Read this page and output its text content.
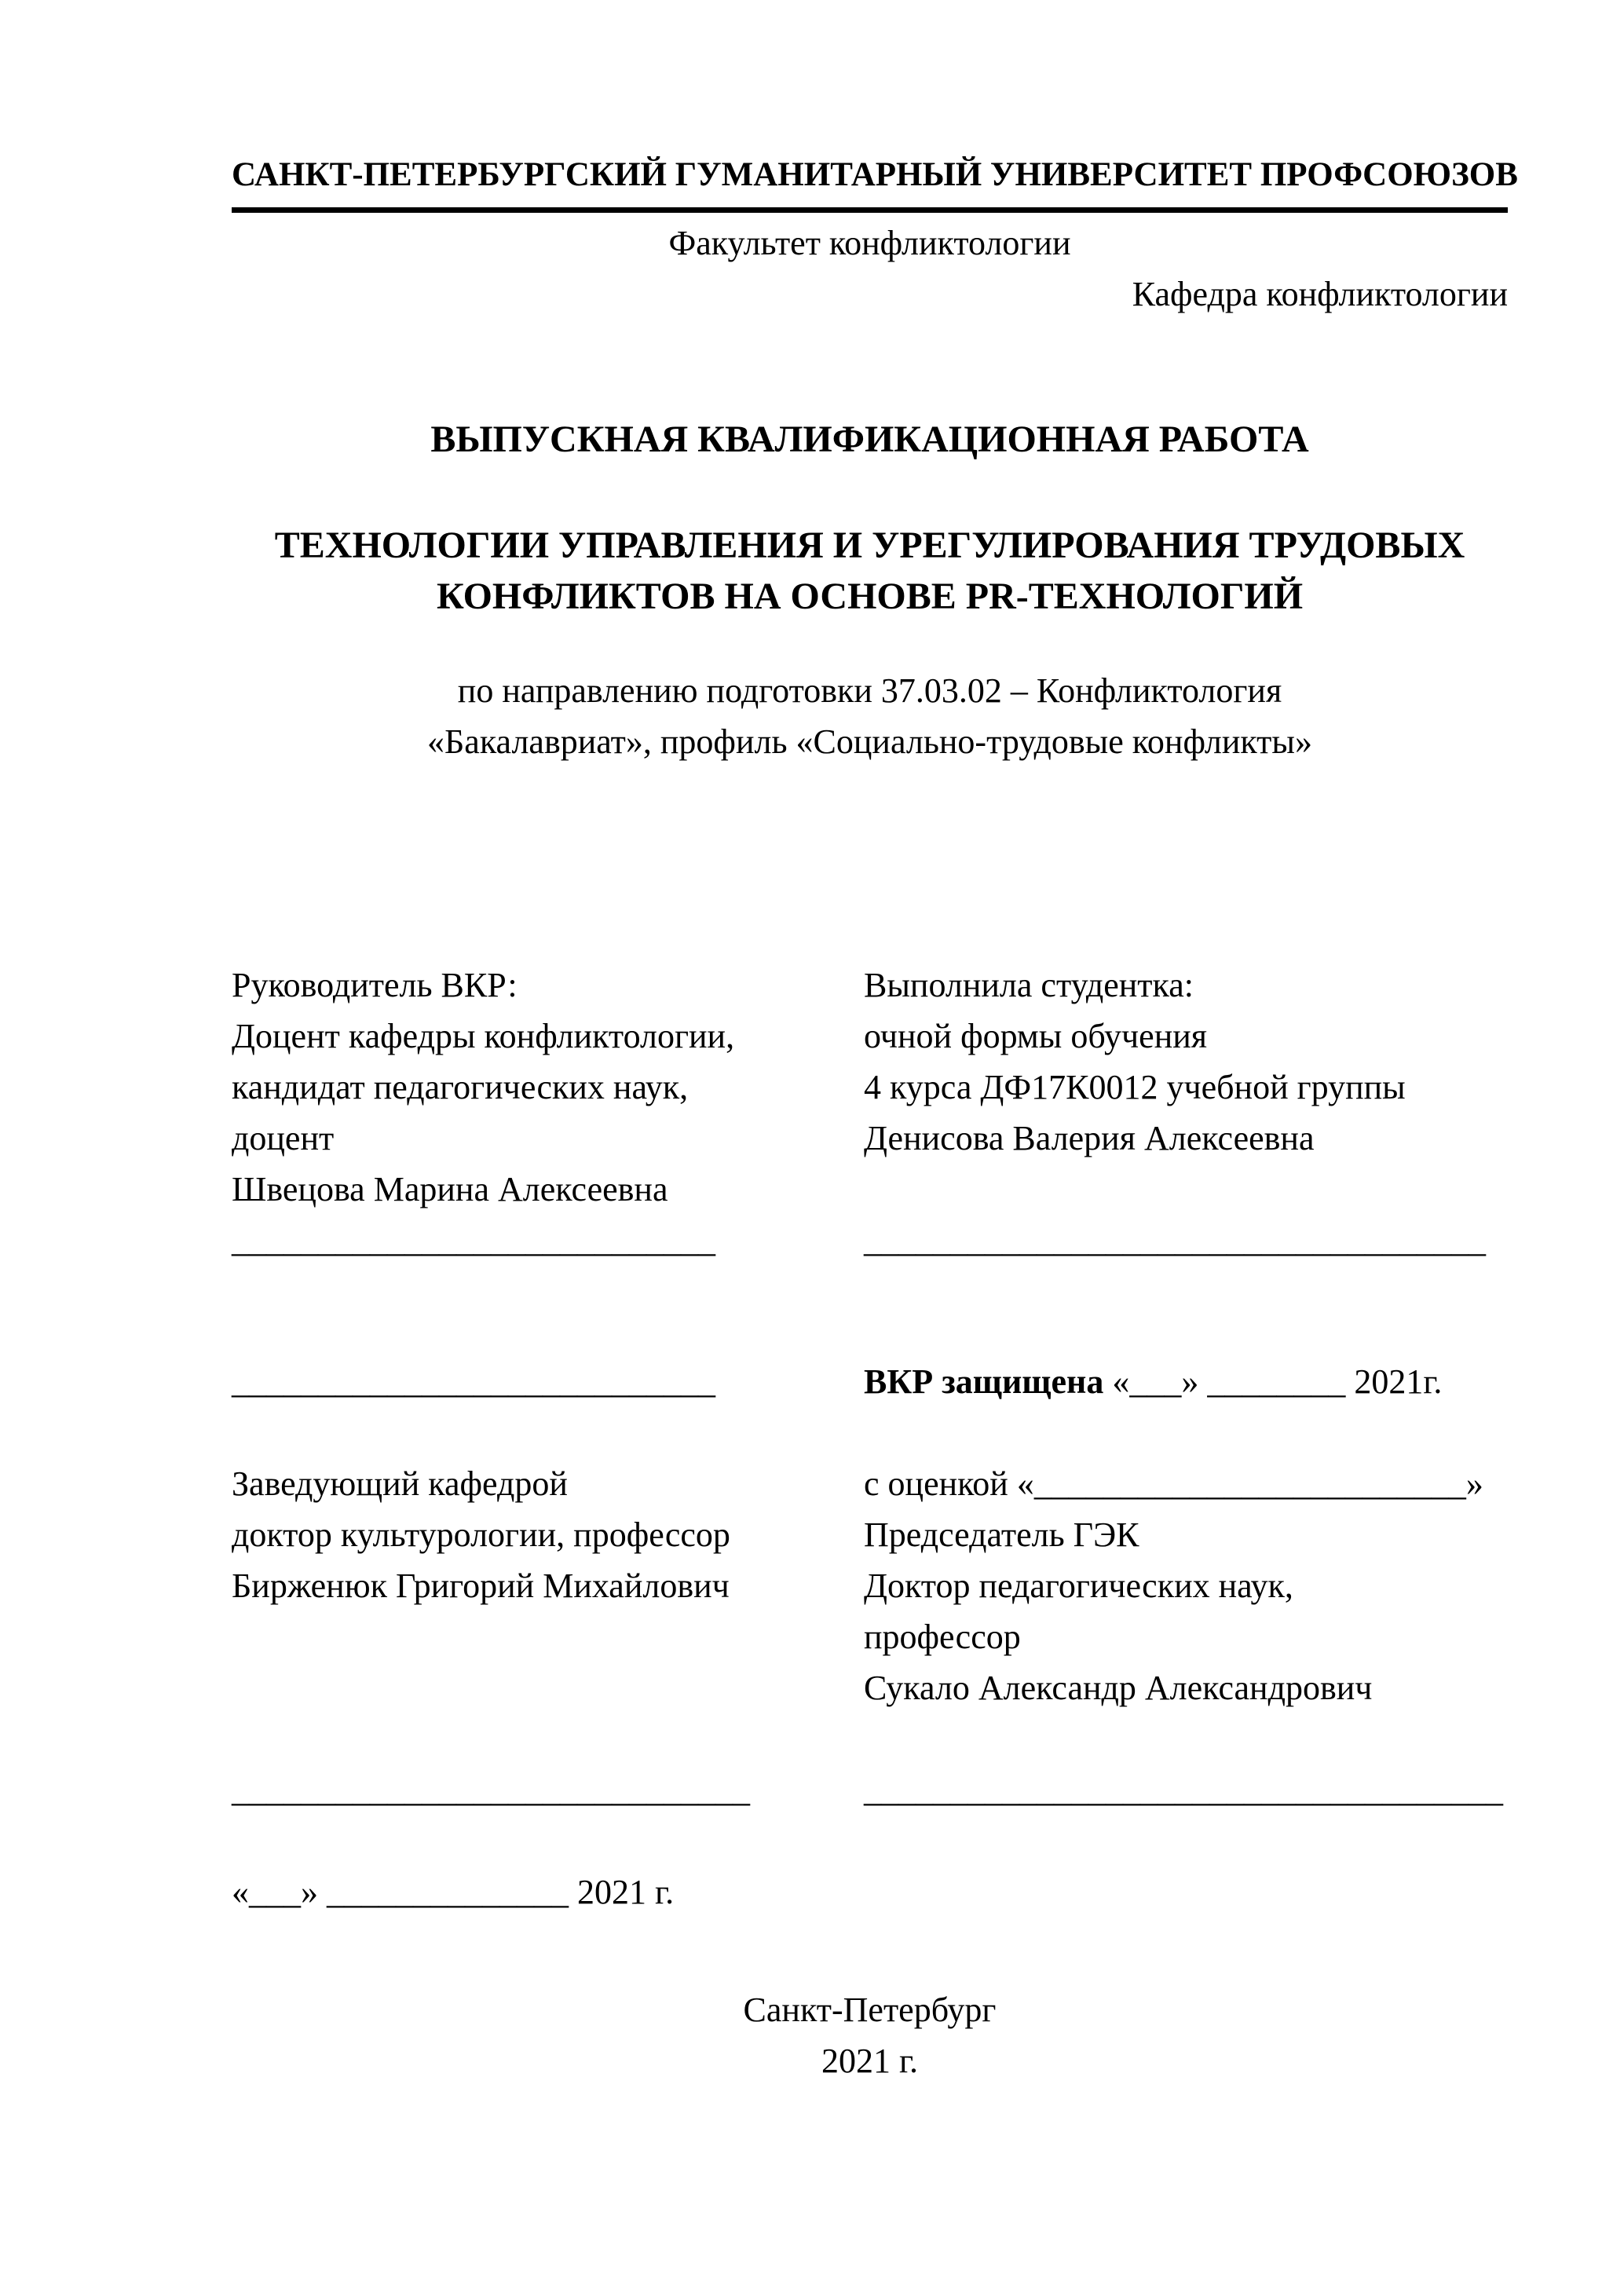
САНКТ-ПЕТЕРБУРГСКИЙ ГУМАНИТАРНЫЙ УНИВЕРСИТЕТ ПРОФСОЮЗОВ
Факультет конфликтологии
Кафедра конфликтологии
ВЫПУСКНАЯ КВАЛИФИКАЦИОННАЯ РАБОТА
ТЕХНОЛОГИИ УПРАВЛЕНИЯ И УРЕГУЛИРОВАНИЯ ТРУДОВЫХ
КОНФЛИКТОВ НА ОСНОВЕ PR-ТЕХНОЛОГИЙ
по направлению подготовки 37.03.02 – Конфликтология
«Бакалавриат», профиль «Социально-трудовые конфликты»
Руководитель ВКР:
Доцент кафедры конфликтологии,
кандидат педагогических наук,
доцент
Швецова Марина Алексеевна
____________________________
Выполнила студентка:
очной формы обучения
4 курса ДФ17К0012 учебной группы
Денисова Валерия Алексеевна
____________________________________
____________________________	ВКР защищена «___» ________ 2021г.
Заведующий кафедрой
доктор культурологии, профессор
Бирженюк Григорий Михайлович
______________________________
«___» ______________ 2021 г.
с оценкой «_________________________»
Председатель ГЭК
Доктор педагогических наук,
профессор
Сукало Александр Александрович
_____________________________________
Санкт-Петербург
2021 г.
